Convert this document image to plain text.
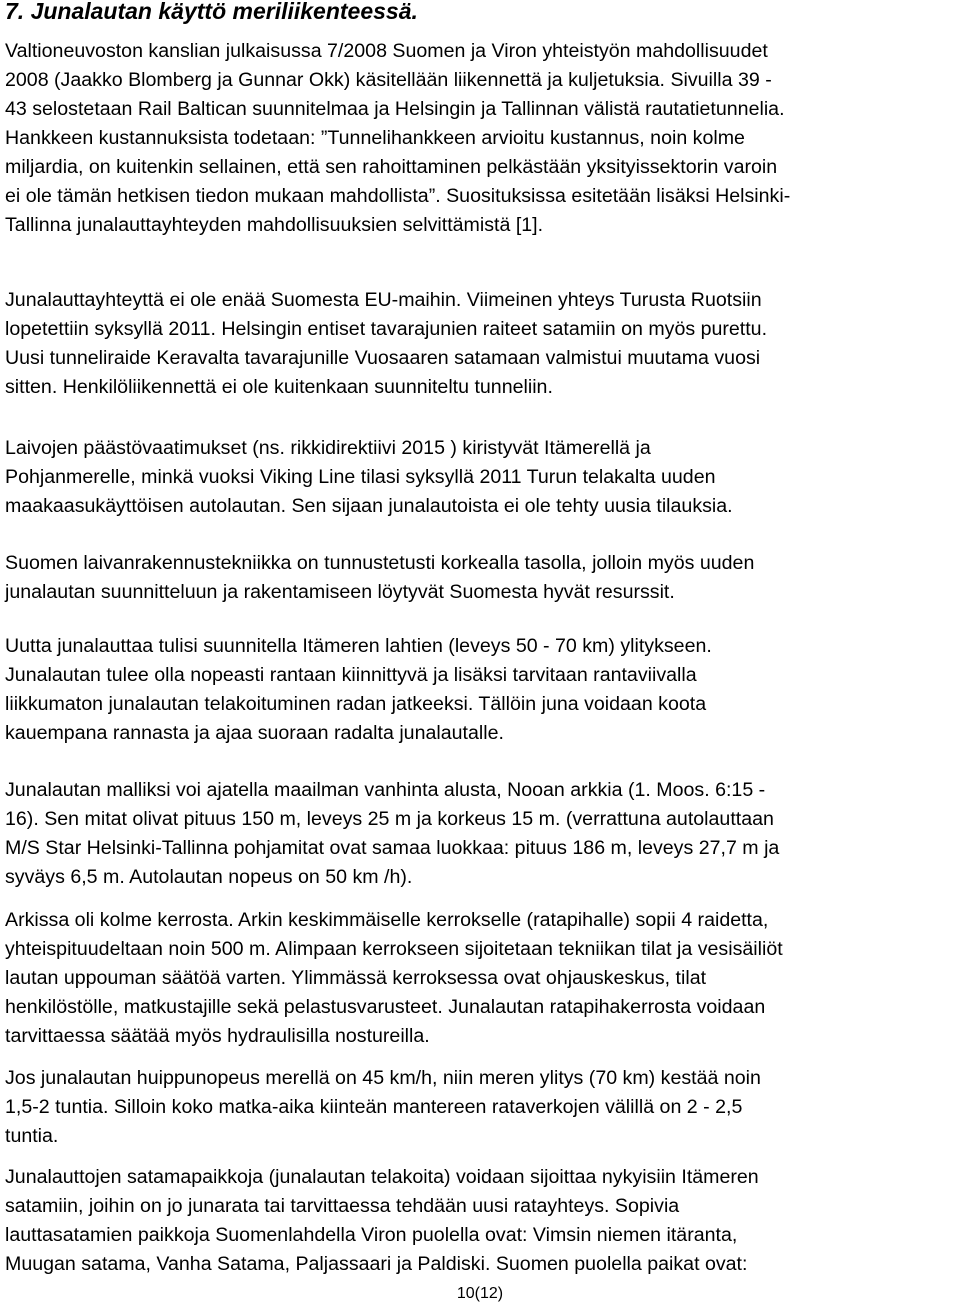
7. Junalautan käyttö meriliikenteessä.
Valtioneuvoston kanslian julkaisussa 7/2008 Suomen ja Viron yhteistyön mahdollisuudet
2008 (Jaakko Blomberg ja Gunnar Okk) käsitellään liikennettä ja kuljetuksia. Sivuilla 39 -
43 selostetaan Rail Baltican suunnitelmaa ja Helsingin ja Tallinnan välistä rautatietunnelia.
Hankkeen kustannuksista todetaan: ”Tunnelihankkeen arvioitu kustannus, noin kolme
miljardia, on kuitenkin sellainen, että sen rahoittaminen pelkästään yksityissektorin varoin
ei ole tämän hetkisen tiedon mukaan mahdollista”. Suosituksissa esitetään lisäksi Helsinki-
Tallinna junalauttayhteyden mahdollisuuksien selvittämistä [1].
Junalauttayhteyttä ei ole enää Suomesta EU-maihin. Viimeinen yhteys Turusta Ruotsiin
lopetettiin syksyllä 2011. Helsingin entiset tavarajunien raiteet satamiin on myös purettu.
Uusi tunneliraide Keravalta tavarajunille Vuosaaren satamaan valmistui muutama vuosi
sitten. Henkilöliikennettä ei ole kuitenkaan suunniteltu tunneliin.
Laivojen päästövaatimukset (ns. rikkidirektiivi 2015 ) kiristyvät Itämerellä ja
Pohjanmerelle, minkä vuoksi Viking Line tilasi syksyllä 2011 Turun telakalta uuden
maakaasukäyttöisen autolautan. Sen sijaan junalautoista ei ole tehty uusia tilauksia.
Suomen laivanrakennustekniikka on tunnustetusti korkealla tasolla, jolloin myös uuden
junalautan suunnitteluun ja rakentamiseen löytyvät Suomesta hyvät resurssit.
Uutta junalauttaa tulisi suunnitella Itämeren lahtien (leveys 50 - 70 km) ylitykseen.
Junalautan tulee olla nopeasti rantaan kiinnittyvä ja lisäksi tarvitaan rantaviivalla
liikkumaton junalautan telakoituminen radan jatkeeksi. Tällöin juna voidaan koota
kauempana rannasta ja ajaa suoraan radalta junalautalle.
Junalautan malliksi voi ajatella maailman vanhinta alusta, Nooan arkkia (1. Moos. 6:15 -
16). Sen mitat olivat pituus 150 m, leveys 25 m ja korkeus 15 m. (verrattuna autolauttaan
M/S Star Helsinki-Tallinna pohjamitat ovat samaa luokkaa: pituus 186 m, leveys 27,7 m ja
syväys 6,5 m. Autolautan nopeus on 50 km /h).
Arkissa oli kolme kerrosta. Arkin keskimmäiselle kerrokselle (ratapihalle) sopii 4 raidetta,
yhteispituudeltaan noin 500 m. Alimpaan kerrokseen sijoitetaan tekniikan tilat ja vesisäiliöt
lautan uppouman säätöä varten. Ylimmässä kerroksessa ovat ohjauskeskus, tilat
henkilöstölle, matkustajille sekä pelastusvarusteet. Junalautan ratapihakerrosta voidaan
tarvittaessa säätää myös hydraulisilla nostureilla.
Jos junalautan huippunopeus merellä on 45 km/h, niin meren ylitys (70 km) kestää noin
1,5-2 tuntia. Silloin koko matka-aika kiinteän mantereen rataverkojen välillä on 2 - 2,5
tuntia.
Junalauttojen satamapaikkoja (junalautan telakoita) voidaan sijoittaa nykyisiin Itämeren
satamiin, joihin on jo junarata tai tarvittaessa tehdään uusi ratayhteys. Sopivia
lauttasatamien paikkoja Suomenlahdella Viron puolella ovat: Vimsin niemen itäranta,
Muugan satama, Vanha Satama, Paljassaari ja Paldiski. Suomen puolella paikat ovat:
10(12)
